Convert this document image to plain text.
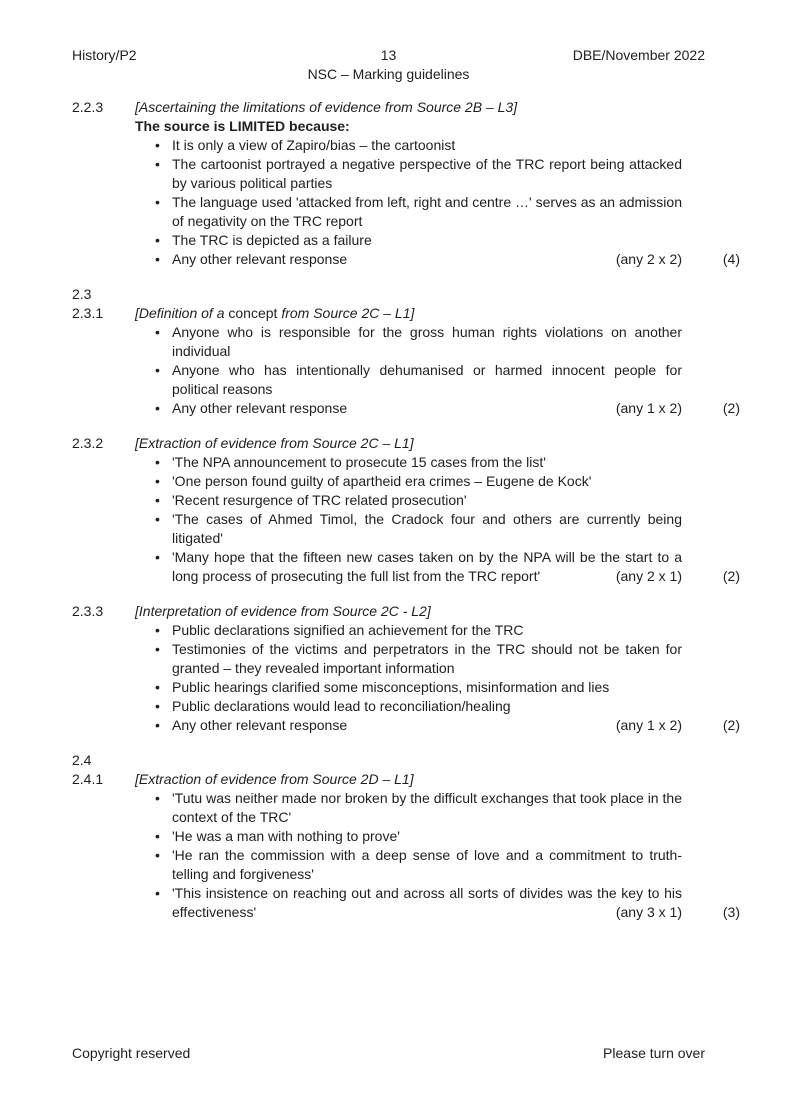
History/P2	13	DBE/November 2022
NSC – Marking guidelines
2.2.3	[Ascertaining the limitations of evidence from Source 2B – L3]

The source is LIMITED because:

• It is only a view of Zapiro/bias – the cartoonist
• The cartoonist portrayed a negative perspective of the TRC report being attacked by various political parties
• The language used 'attacked from left, right and centre …' serves as an admission of negativity on the TRC report
• The TRC is depicted as a failure
• Any other relevant response	(any 2 x 2)	(4)
2.3
2.3.1	[Definition of a concept from Source 2C – L1]

• Anyone who is responsible for the gross human rights violations on another individual
• Anyone who has intentionally dehumanised or harmed innocent people for political reasons
• Any other relevant response	(any 1 x 2)	(2)
2.3.2	[Extraction of evidence from Source 2C – L1]

• 'The NPA announcement to prosecute 15 cases from the list'
• 'One person found guilty of apartheid era crimes – Eugene de Kock'
• 'Recent resurgence of TRC related prosecution'
• 'The cases of Ahmed Timol, the Cradock four and others are currently being litigated'
• 'Many hope that the fifteen new cases taken on by the NPA will be the start to a long process of prosecuting the full list from the TRC report'	(any 2 x 1)	(2)
2.3.3	[Interpretation of evidence from Source 2C - L2]

• Public declarations signified an achievement for the TRC
• Testimonies of the victims and perpetrators in the TRC should not be taken for granted – they revealed important information
• Public hearings clarified some misconceptions, misinformation and lies
• Public declarations would lead to reconciliation/healing
• Any other relevant response	(any 1 x 2)	(2)
2.4
2.4.1	[Extraction of evidence from Source 2D – L1]

• 'Tutu was neither made nor broken by the difficult exchanges that took place in the context of the TRC'
• 'He was a man with nothing to prove'
• 'He ran the commission with a deep sense of love and a commitment to truth-telling and forgiveness'
• 'This insistence on reaching out and across all sorts of divides was the key to his effectiveness'	(any 3 x 1)	(3)
Copyright reserved	Please turn over
